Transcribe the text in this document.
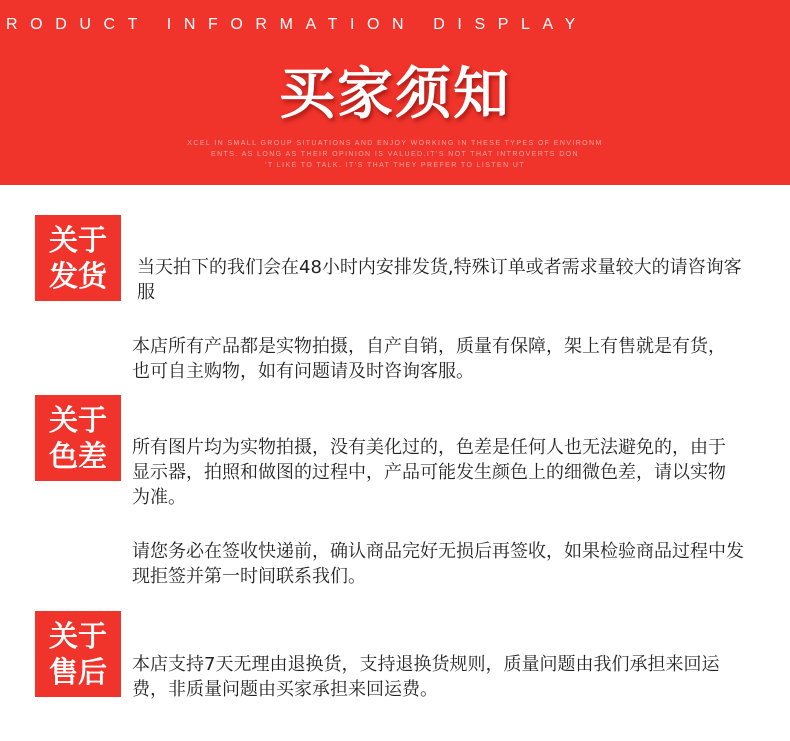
RODUCT INFORMATION DISPLAY
买家须知
XCEL IN SMALL GROUP SITUATIONS AND ENJOY WORKING IN THESE TYPES OF ENVIRONM
ENTS. AS LONG AS THEIR OPINION IS VALUED.IT’S NOT THAT INTROVERTS DON
’T LIKE TO TALK. IT’S THAT THEY PREFER TO LISTEN UT
关于
发货 当天拍下的我们会在48小时内安排发货,特殊订单或者需求量较大的请咨询客服
本店所有产品都是实物拍摄，自产自销，质量有保障，架上有售就是有货，也可自主购物，如有问题请及时咨询客服。
关于
色差 所有图片均为实物拍摄，没有美化过的，色差是任何人也无法避免的，由于显示器，拍照和做图的过程中，产品可能发生颜色上的细微色差，请以实物为准。
请您务必在签收快递前，确认商品完好无损后再签收，如果检验商品过程中发现拒签并第一时间联系我们。
关于
售后 本店支持7天无理由退换货，支持退换货规则，质量问题由我们承担来回运费，非质量问题由买家承担来回运费。
